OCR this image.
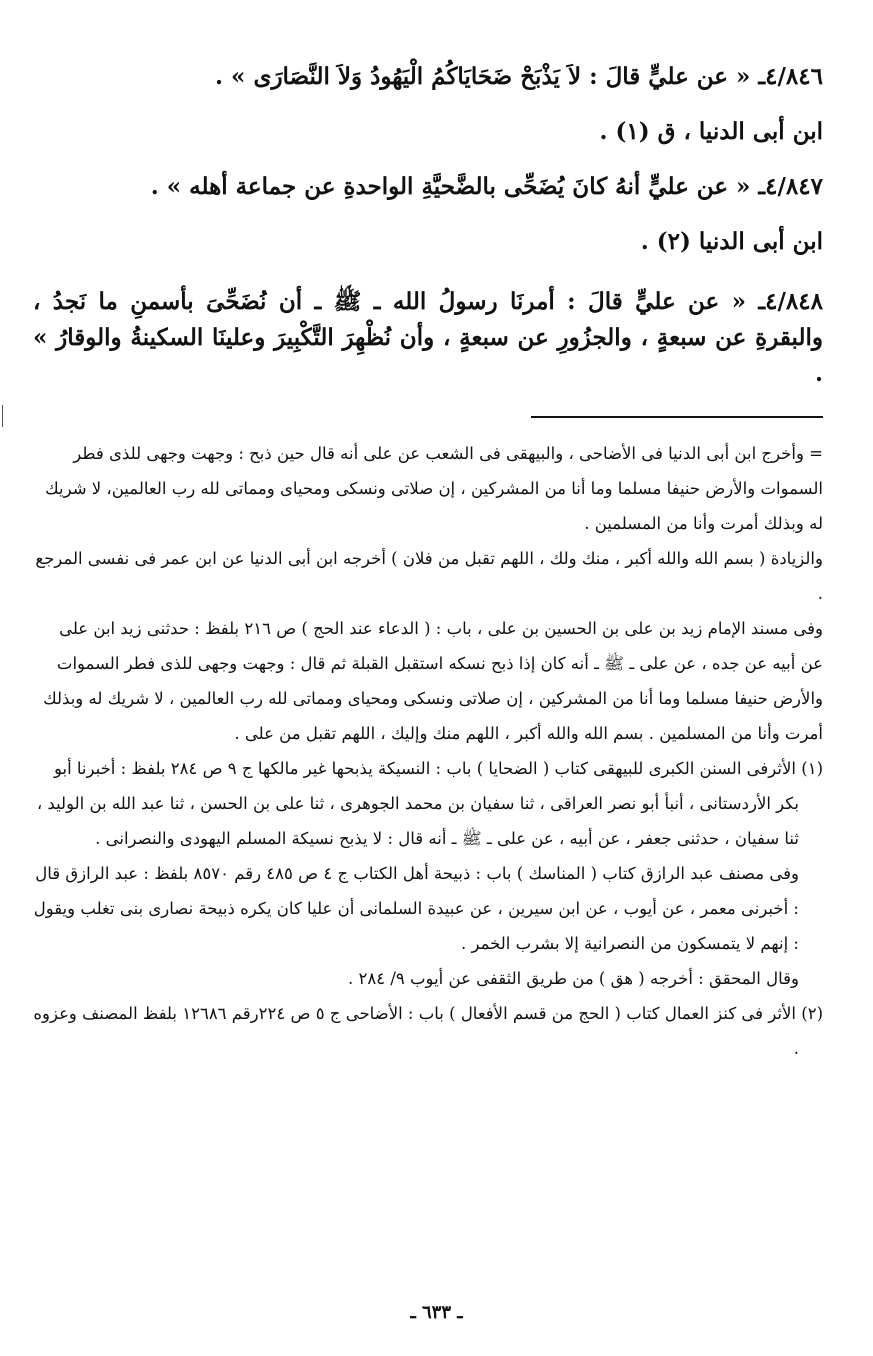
٤/٨٤٦ـ « عن عليٍّ قالَ : لاَ يَذْبَحْ ضَحَايَاكُمُ الْيَهُودُ وَلاَ النَّصَارَى » .

ابن أبى الدنيا ، ق (١) .

٤/٨٤٧ـ « عن عليٍّ أنهُ كانَ يُضَحِّى بالضَّحيَّةِ الواحدةِ عن جماعة أهله » .

ابن أبى الدنيا (٢) .

٤/٨٤٨ـ « عن عليٍّ قالَ : أمرنَا رسولُ الله ـ ﷺ ـ أن نُضَحِّىَ بأسمنِ ما نَجدُ ، والبقرةِ عن سبعةٍ ، والجزُورِ عن سبعةٍ ، وأن نُظْهِرَ التَّكْبِيرَ وعلينَا السكينةُ والوقارُ » .

= وأخرج ابن أبى الدنيا فى الأضاحى ، والبيهقى فى الشعب عن على أنه قال حين ذبح : وجهت وجهى للذى فطر السموات والأرض حنيفا مسلما وما أنا من المشركين ، إن صلاتى ونسكى ومحياى ومماتى لله رب العالمين، لا شريك له وبذلك أمرت وأنا من المسلمين .

والزيادة ( بسم الله والله أكبر ، منك ولك ، اللهم تقبل من فلان ) أخرجه ابن أبى الدنيا عن ابن عمر فى نفسى المرجع .

وفى مسند الإمام زيد بن على بن الحسين بن على ، باب : ( الدعاء عند الحج ) ص ٢١٦ بلفظ : حدثنى زيد ابن على عن أبيه عن جده ، عن على ـ ﷺ ـ أنه كان إذا ذبح نسكه استقبل القبلة ثم قال : وجهت وجهى للذى فطر السموات والأرض حنيفا مسلما وما أنا من المشركين ، إن صلاتى ونسكى ومحياى ومماتى لله رب العالمين ، لا شريك له وبذلك أمرت وأنا من المسلمين . بسم الله والله أكبر ، اللهم منك وإليك ، اللهم تقبل من على .

(١) الأثرفى السنن الكبرى للبيهقى كتاب ( الضحايا ) باب : النسيكة يذبحها غير مالكها ج ٩ ص ٢٨٤ بلفظ : أخبرنا أبو بكر الأردستانى ، أنبأ أبو نصر العراقى ، ثنا سفيان بن محمد الجوهرى ، ثنا على بن الحسن ، ثنا عبد الله بن الوليد ، ثنا سفيان ، حدثنى جعفر ، عن أبيه ، عن على ـ ﷺ ـ أنه قال : لا يذبح نسيكة المسلم اليهودى والنصرانى .

وفى مصنف عبد الرازق كتاب ( المناسك ) باب : ذبيحة أهل الكتاب ج ٤ ص ٤٨٥ رقم ٨٥٧٠ بلفظ : عبد الرازق قال : أخبرنى معمر ، عن أيوب ، عن ابن سيرين ، عن عبيدة السلمانى أن عليا كان يكره ذبيحة نصارى بنى تغلب ويقول : إنهم لا يتمسكون من النصرانية إلا بشرب الخمر .

وقال المحقق : أخرجه ( هق ) من طريق الثقفى عن أيوب ٩/ ٢٨٤ .

(٢) الأثر فى كنز العمال كتاب ( الحج من قسم الأفعال ) باب : الأضاحى ج ٥ ص ٢٢٤رقم ١٢٦٨٦ بلفظ المصنف وعزوه .

ـ ٦٣٣ ـ
